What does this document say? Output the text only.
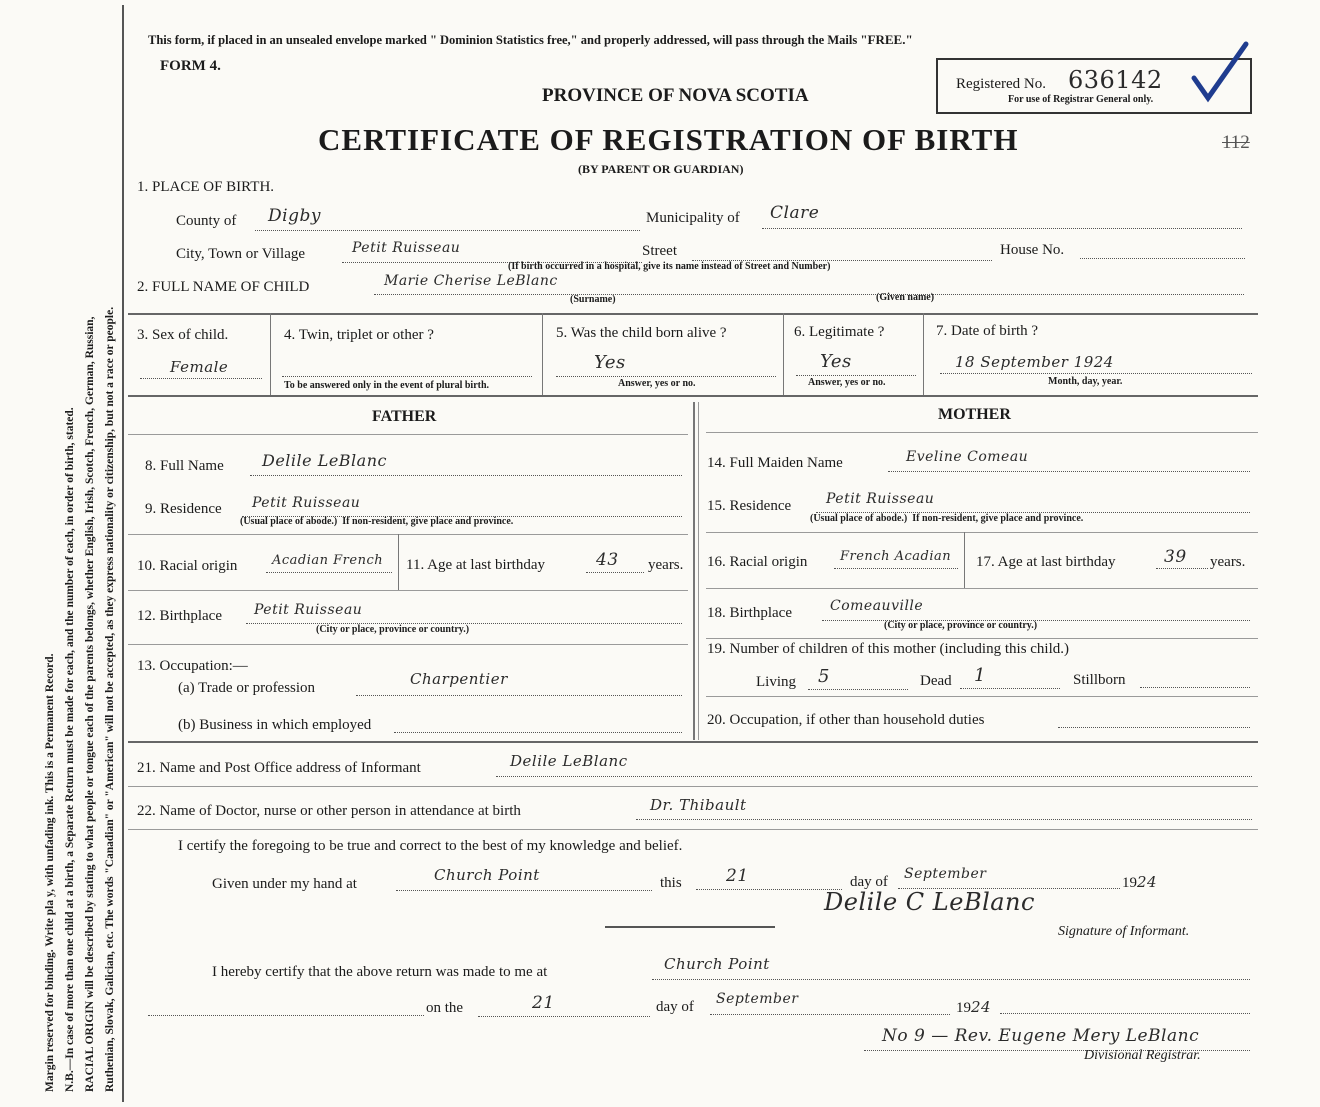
Margin reserved for binding. Write pla y, with unfading ink. This is a Permanent Record. N.B.—In case of more than one child at a birth, a Separate Return must be made for each, and the number of each, in order of birth, stated. RACIAL ORIGIN will be described by stating to what people or tongue each of the parents belongs, whether English, Irish, Scotch, French, German, Russian, Ruthenian, Slovak, Galician, etc. The words "Canadian" or "American" will not be accepted, as they express nationality or citizenship, but not a race or people.
This form, if placed in an unsealed envelope marked " Dominion Statistics free," and properly addressed, will pass through the Mails "FREE."
FORM 4.
PROVINCE OF NOVA SCOTIA
CERTIFICATE OF REGISTRATION OF BIRTH
(BY PARENT OR GUARDIAN)
Registered No. 636142
For use of Registrar General only.
112
1. PLACE OF BIRTH.
County of Digby	Municipality of Clare
City, Town or Village	Petit Ruisseau	Street	House No.
(If birth occurred in a hospital, give its name instead of Street and Number)
2. FULL NAME OF CHILD	Marie Cherise LeBlanc
(Surname)	(Given name)
3. Sex of child.
Female
4. Twin, triplet or other ?
To be answered only in the event of plural birth.
5. Was the child born alive ?
Yes
Answer, yes or no.
6. Legitimate ?
Yes
Answer, yes or no.
7. Date of birth ?
18 September 1924
Month, day, year.
FATHER	MOTHER
8. Full Name Delile LeBlanc
9. Residence Petit Ruisseau
(Usual place of abode.) If non-resident, give place and province.
10. Racial origin	Acadian French 11. Age at last birthday	43 years.
12. Birthplace Petit Ruisseau
(City or place, province or country.)
13. Occupation:—
(a) Trade or profession	Charpentier
(b) Business in which employed
14. Full Maiden Name	Eveline Comeau
15. Residence Petit Ruisseau
(Usual place of abode.) If non-resident, give place and province.
16. Racial origin	French Acadian 17. Age at last birthday	39 years.
18. Birthplace	Comeauville
(City or place, province or country.)
19. Number of children of this mother (including this child.)
Living 5	Dead 1	Stillborn
20. Occupation, if other than household duties
21. Name and Post Office address of Informant	Delile LeBlanc
22. Name of Doctor, nurse or other person in attendance at birth	Dr. Thibault
I certify the foregoing to be true and correct to the best of my knowledge and belief.
Given under my hand at	Church Point	this	21	day of September
1924
Delile C LeBlanc
Signature of Informant.
I hereby certify that the above return was made to me at	Church Point
on the	21	day of September
1924
No 9 — Rev. Eugene Mery LeBlanc
Divisional Registrar.
